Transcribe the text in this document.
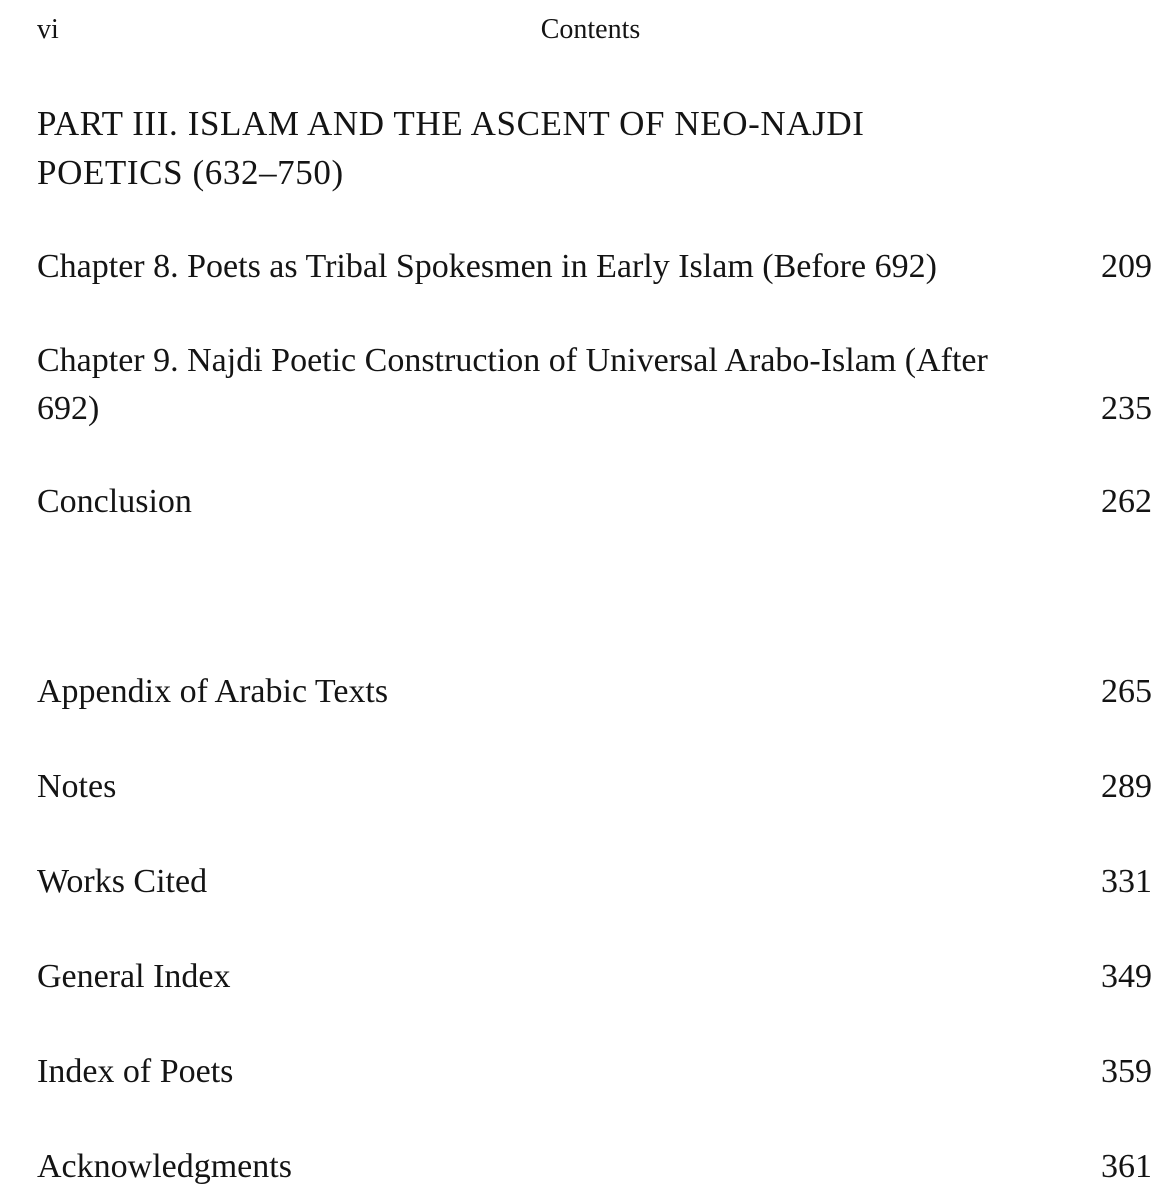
vi	Contents
PART III. ISLAM AND THE ASCENT OF NEO-NAJDI POETICS (632–750)
Chapter 8. Poets as Tribal Spokesmen in Early Islam (Before 692)	209
Chapter 9. Najdi Poetic Construction of Universal Arabo-Islam (After 692)	235
Conclusion	262
Appendix of Arabic Texts	265
Notes	289
Works Cited	331
General Index	349
Index of Poets	359
Acknowledgments	361
